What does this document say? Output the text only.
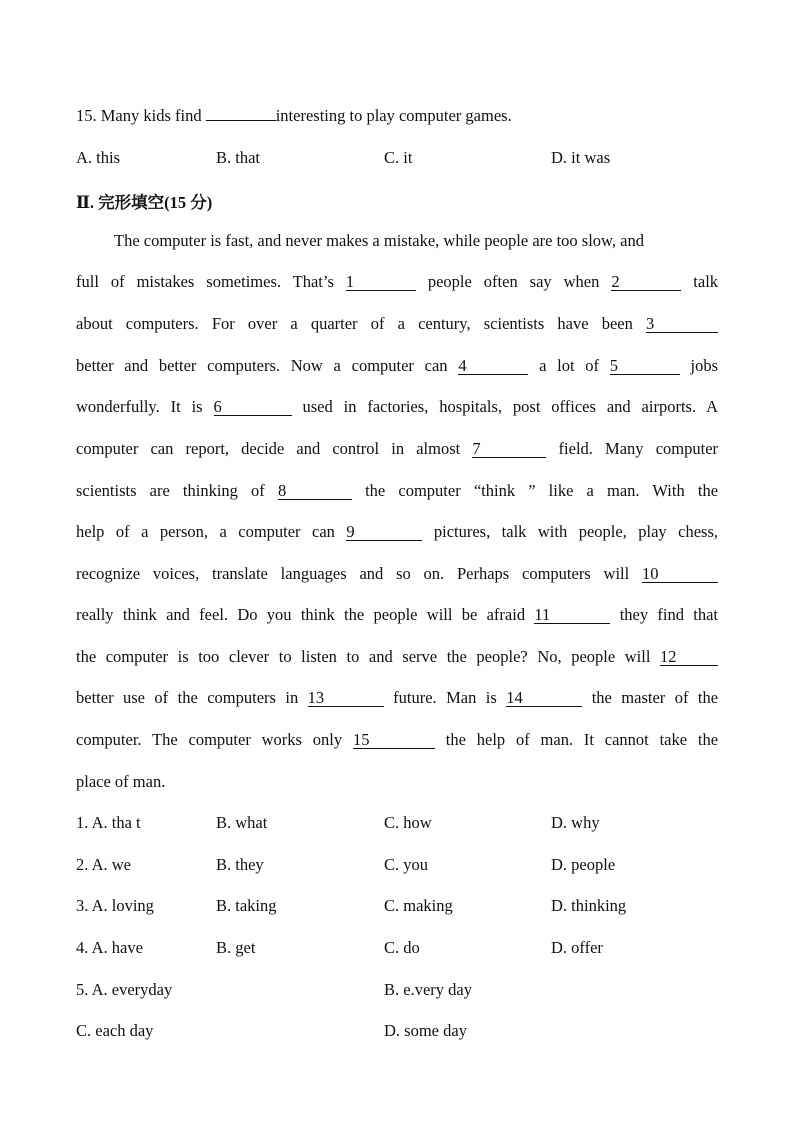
15. Many kids find	interesting to play computer games.
A. this	B. that	C. it	D. it was
Ⅱ. 完形填空(15 分)
The computer is fast, and never makes a mistake, while people are too slow, and
full of mistakes sometimes. That’s 1	people often say when 2	talk
about computers. For over a quarter of a century, scientists have been 3
better and better computers. Now a computer can 4	a lot of 5	jobs
wonderfully. It is 6	used in factories, hospitals, post offices and airports. A
computer can report, decide and control in almost 7	field. Many computer
scientists are thinking of 8	the computer “think ” like a man. With the
help of a person, a computer can 9	pictures, talk with people, play chess,
recognize voices, translate languages and so on. Perhaps computers will 10
really think and feel. Do you think the people will be afraid 11	they find that
the computer is too clever to listen to and serve the people? No, people will 12
better use of the computers in 13	future. Man is 14	the master of the
computer. The computer works only 15	the help of man. It cannot take the
place of man.
1. A. tha t	B. what	C. how	D. why
2. A. we	B. they	C. you	D. people
3. A. loving	B. taking	C. making	D. thinking
4. A. have	B. get	C. do	D. offer
5. A. everyday	B. e.very day
C. each day	D. some day
